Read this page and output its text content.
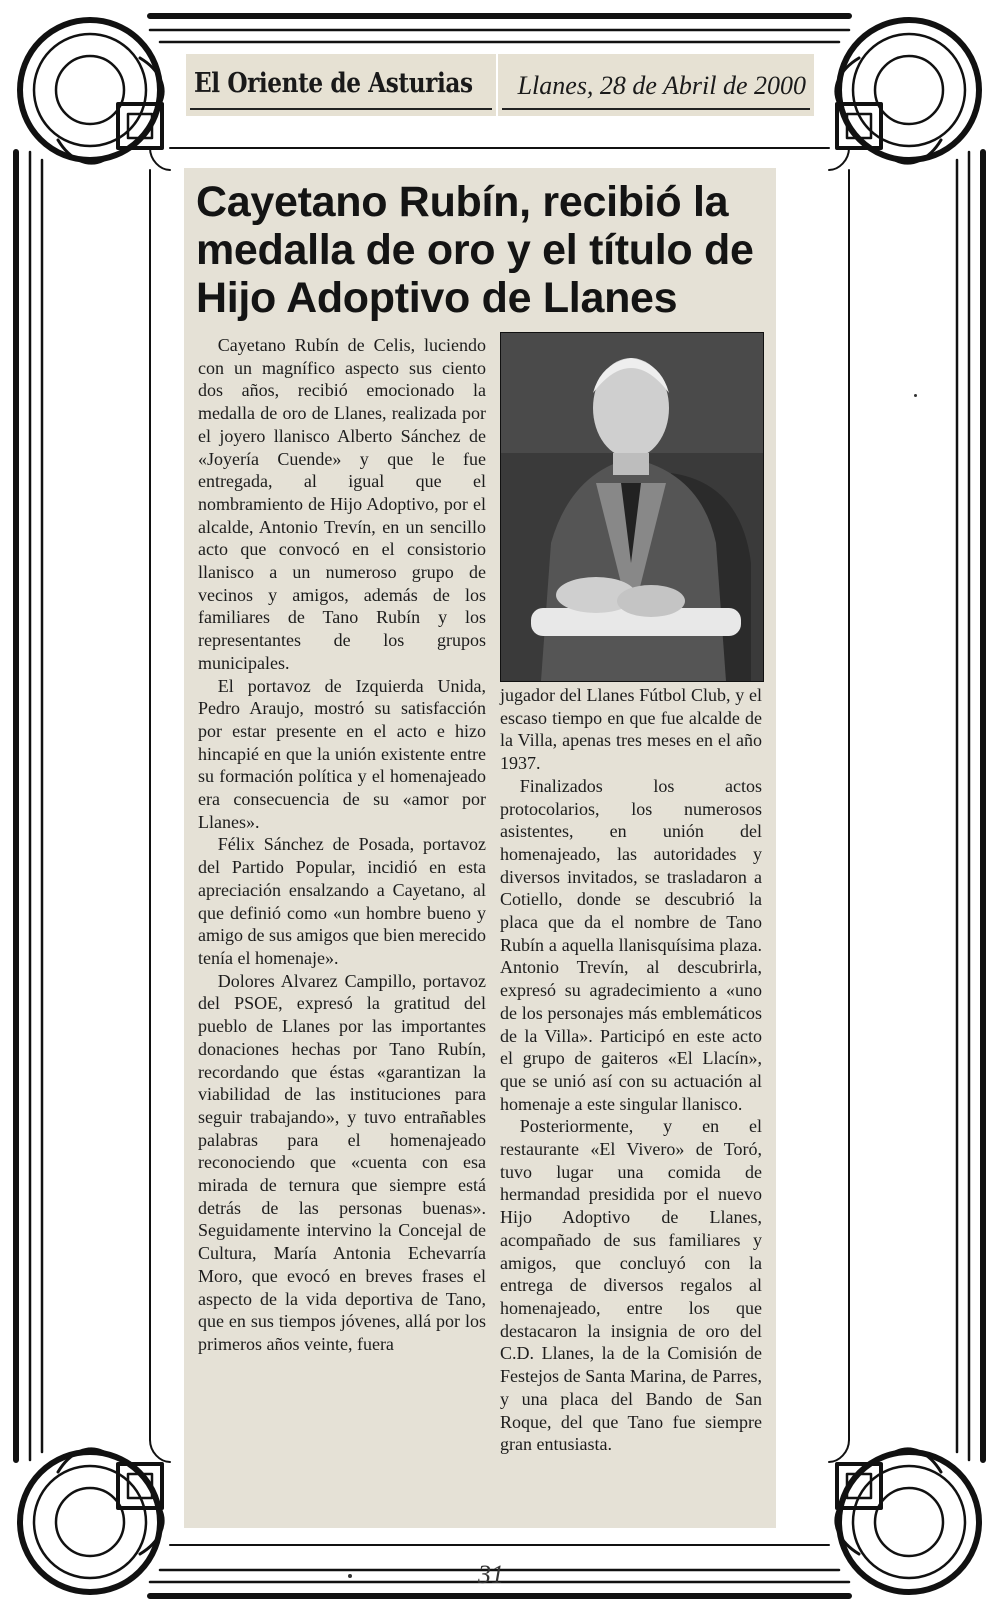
El Oriente de Asturias Llanes, 28 de Abril de 2000
Cayetano Rubín, recibió la medalla de oro y el título de Hijo Adoptivo de Llanes

Cayetano Rubín de Celis, luciendo con un magnífico aspecto sus ciento dos años, recibió emocionado la medalla de oro de Llanes, realizada por el joyero llanisco Alberto Sánchez de «Joyería Cuende» y que le fue entregada, al igual que el nombramiento de Hijo Adoptivo, por el alcalde, Antonio Trevín, en un sencillo acto que convocó en el consistorio llanisco a un numeroso grupo de vecinos y amigos, además de los familiares de Tano Rubín y los representantes de los grupos municipales.

El portavoz de Izquierda Unida, Pedro Araujo, mostró su satisfacción por estar presente en el acto e hizo hincapié en que la unión existente entre su formación política y el homenajeado era consecuencia de su «amor por Llanes».

Félix Sánchez de Posada, portavoz del Partido Popular, incidió en esta apreciación ensalzando a Cayetano, al que definió como «un hombre bueno y amigo de sus amigos que bien merecido tenía el homenaje».

Dolores Alvarez Campillo, portavoz del PSOE, expresó la gratitud del pueblo de Llanes por las importantes donaciones hechas por Tano Rubín, recordando que éstas «garantizan la viabilidad de las instituciones para seguir trabajando», y tuvo entrañables palabras para el homenajeado reconociendo que «cuenta con esa mirada de ternura que siempre está detrás de las personas buenas». Seguidamente intervino la Concejal de Cultura, María Antonia Echevarría Moro, que evocó en breves frases el aspecto de la vida deportiva de Tano, que en sus tiempos jóvenes, allá por los primeros años veinte, fuera

jugador del Llanes Fútbol Club, y el escaso tiempo en que fue alcalde de la Villa, apenas tres meses en el año 1937.

Finalizados los actos protocolarios, los numerosos asistentes, en unión del homenajeado, las autoridades y diversos invitados, se trasladaron a Cotiello, donde se descubrió la placa que da el nombre de Tano Rubín a aquella llanisquísima plaza. Antonio Trevín, al descubrirla, expresó su agradecimiento a «uno de los personajes más emblemáticos de la Villa». Participó en este acto el grupo de gaiteros «El Llacín», que se unió así con su actuación al homenaje a este singular llanisco.

Posteriormente, y en el restaurante «El Vivero» de Toró, tuvo lugar una comida de hermandad presidida por el nuevo Hijo Adoptivo de Llanes, acompañado de sus familiares y amigos, que concluyó con la entrega de diversos regalos al homenajeado, entre los que destacaron la insignia de oro del C.D. Llanes, la de la Comisión de Festejos de Santa Marina, de Parres, y una placa del Bando de San Roque, del que Tano fue siempre gran entusiasta.

31
